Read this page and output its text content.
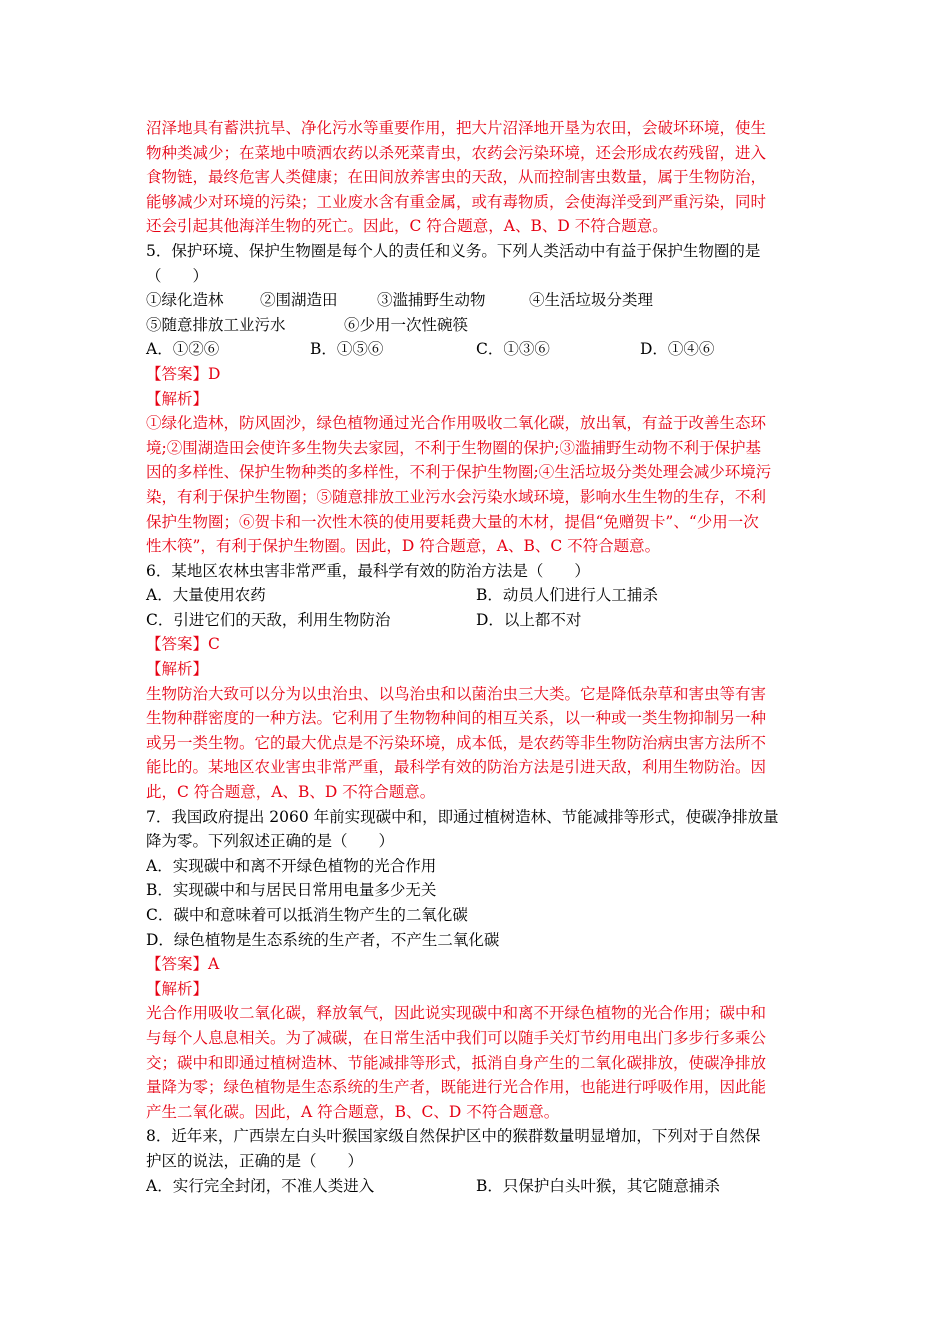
沼泽地具有蓄洪抗旱、净化污水等重要作用，把大片沼泽地开垦为农田，会破坏环境，使生
物种类减少；在菜地中喷洒农药以杀死菜青虫，农药会污染环境，还会形成农药残留，进入
食物链，最终危害人类健康；在田间放养害虫的天敌，从而控制害虫数量，属于生物防治，
能够减少对环境的污染；工业废水含有重金属，或有毒物质，会使海洋受到严重污染，同时
还会引起其他海洋生物的死亡。因此，C 符合题意，A、B、D 不符合题意。
5．保护环境、保护生物圈是每个人的责任和义务。下列人类活动中有益于保护生物圈的是
（　　）
①绿化造林 ②围湖造田	③滥捕野生动物	④生活垃圾分类理
⑤随意排放工业污水	⑥少用一次性碗筷
A．①②⑥	B．①⑤⑥	C．①③⑥	D．①④⑥
【答案】D
【解析】
①绿化造林，防风固沙，绿色植物通过光合作用吸收二氧化碳，放出氧，有益于改善生态环
境;②围湖造田会使许多生物失去家园，不利于生物圈的保护;③滥捕野生动物不利于保护基
因的多样性、保护生物种类的多样性，不利于保护生物圈;④生活垃圾分类处理会减少环境污
染，有利于保护生物圈；⑤随意排放工业污水会污染水域环境，影响水生生物的生存，不利
保护生物圈；⑥贺卡和一次性木筷的使用要耗费大量的木材，提倡“免赠贺卡”、“少用一次
性木筷”，有利于保护生物圈。因此，D 符合题意，A、B、C 不符合题意。
6．某地区农林虫害非常严重，最科学有效的防治方法是（　　）
A．大量使用农药	B．动员人们进行人工捕杀
C．引进它们的天敌，利用生物防治	D．以上都不对
【答案】C
【解析】
生物防治大致可以分为以虫治虫、以鸟治虫和以菌治虫三大类。它是降低杂草和害虫等有害
生物种群密度的一种方法。它利用了生物物种间的相互关系，以一种或一类生物抑制另一种
或另一类生物。它的最大优点是不污染环境，成本低，是农药等非生物防治病虫害方法所不
能比的。某地区农业害虫非常严重，最科学有效的防治方法是引进天敌，利用生物防治。因
此，C 符合题意，A、B、D 不符合题意。
7．我国政府提出 2060 年前实现碳中和，即通过植树造林、节能减排等形式，使碳净排放量
降为零。下列叙述正确的是（　　）
A．实现碳中和离不开绿色植物的光合作用
B．实现碳中和与居民日常用电量多少无关
C．碳中和意味着可以抵消生物产生的二氧化碳
D．绿色植物是生态系统的生产者，不产生二氧化碳
【答案】A
【解析】
光合作用吸收二氧化碳，释放氧气，因此说实现碳中和离不开绿色植物的光合作用；碳中和
与每个人息息相关。为了减碳，在日常生活中我们可以随手关灯节约用电出门多步行多乘公
交；碳中和即通过植树造林、节能减排等形式，抵消自身产生的二氧化碳排放，使碳净排放
量降为零；绿色植物是生态系统的生产者，既能进行光合作用，也能进行呼吸作用，因此能
产生二氧化碳。因此，A 符合题意，B、C、D 不符合题意。
8．近年来，广西崇左白头叶猴国家级自然保护区中的猴群数量明显增加，下列对于自然保
护区的说法，正确的是（　　）
A．实行完全封闭，不准人类进入	B．只保护白头叶猴，其它随意捕杀
